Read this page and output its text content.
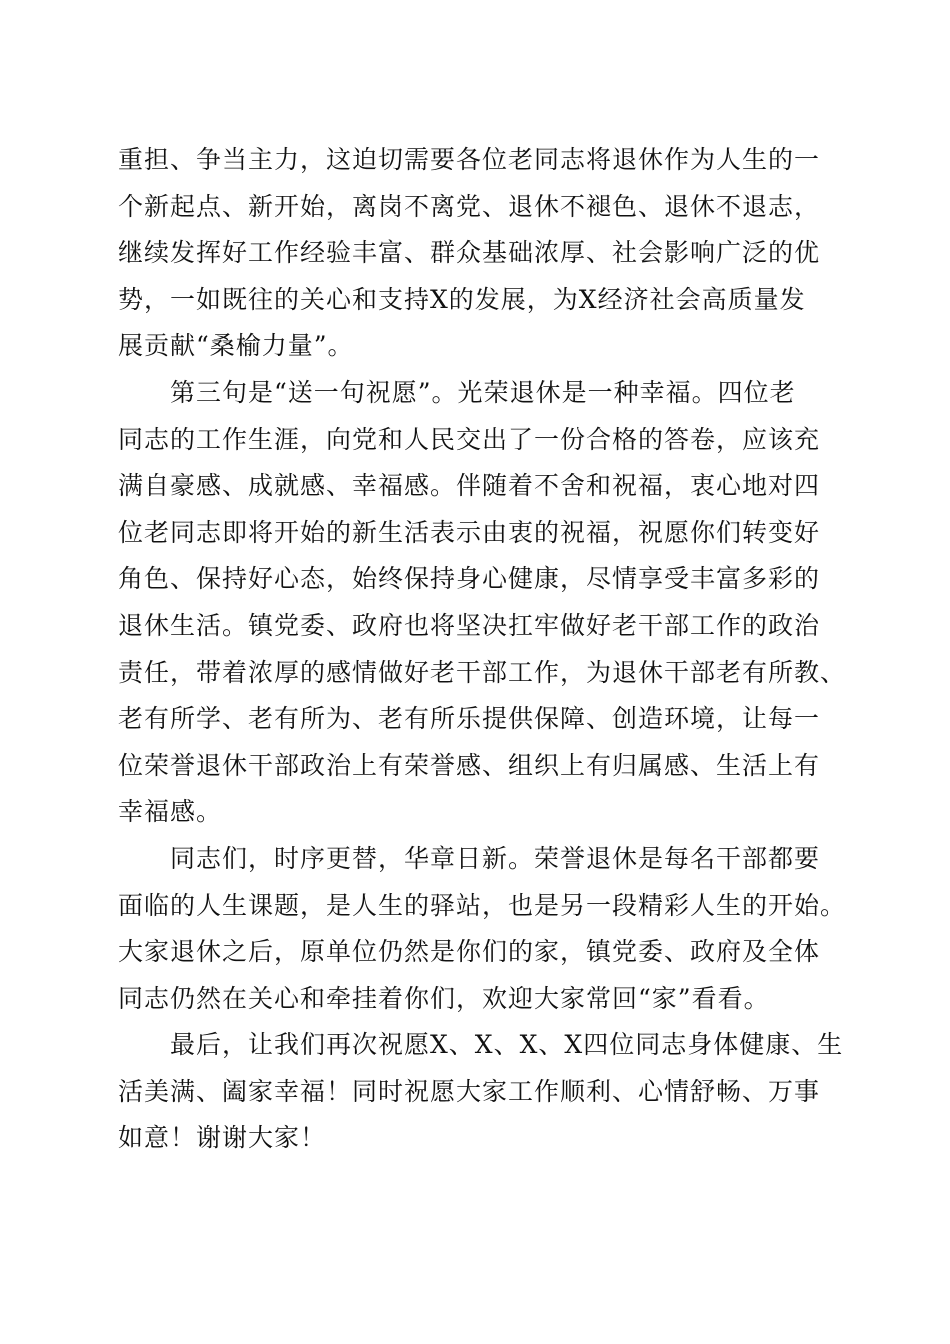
重担、争当主力，这迫切需要各位老同志将退休作为人生的一
个新起点、新开始，离岗不离党、退休不褪色、退休不退志，
继续发挥好工作经验丰富、群众基础浓厚、社会影响广泛的优
势，一如既往的关心和支持X的发展，为X经济社会高质量发
展贡献“桑榆力量”。
第三句是“送一句祝愿”。光荣退休是一种幸福。四位老
同志的工作生涯，向党和人民交出了一份合格的答卷，应该充
满自豪感、成就感、幸福感。伴随着不舍和祝福，衷心地对四
位老同志即将开始的新生活表示由衷的祝福，祝愿你们转变好
角色、保持好心态，始终保持身心健康，尽情享受丰富多彩的
退休生活。镇党委、政府也将坚决扛牢做好老干部工作的政治
责任，带着浓厚的感情做好老干部工作，为退休干部老有所教、
老有所学、老有所为、老有所乐提供保障、创造环境，让每一
位荣誉退休干部政治上有荣誉感、组织上有归属感、生活上有
幸福感。
同志们，时序更替，华章日新。荣誉退休是每名干部都要
面临的人生课题，是人生的驿站，也是另一段精彩人生的开始。
大家退休之后，原单位仍然是你们的家，镇党委、政府及全体
同志仍然在关心和牵挂着你们，欢迎大家常回“家”看看。
最后，让我们再次祝愿X、X、X、X四位同志身体健康、生
活美满、阖家幸福！同时祝愿大家工作顺利、心情舒畅、万事
如意！谢谢大家！
